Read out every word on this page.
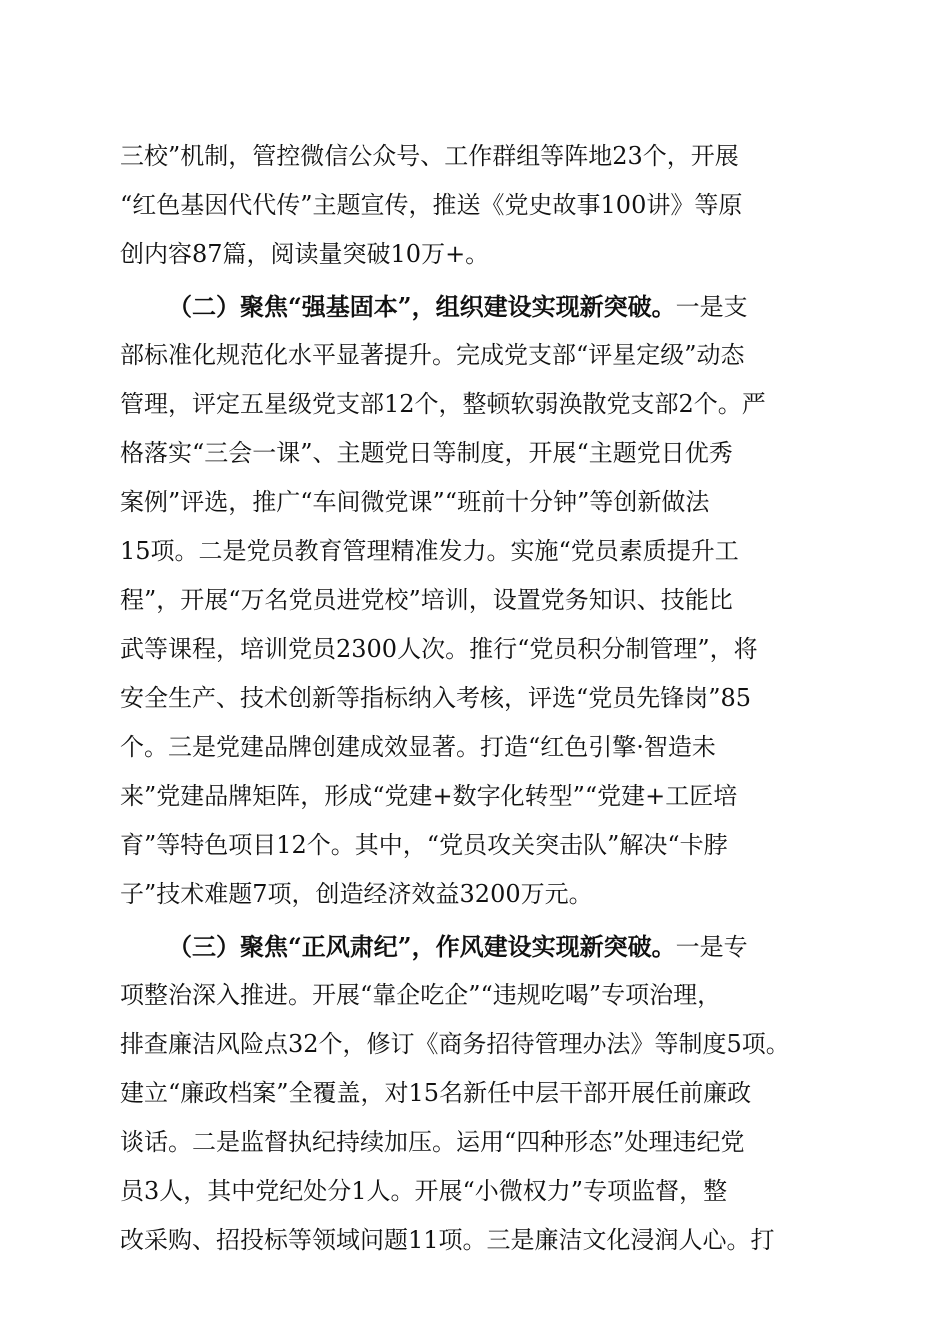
三校”机制，管控微信公众号、工作群组等阵地23个，开展
“红色基因代代传”主题宣传，推送《党史故事100讲》等原
创内容87篇，阅读量突破10万+。
（二）聚焦“强基固本”，组织建设实现新突破。一是支
部标准化规范化水平显著提升。完成党支部“评星定级”动态
管理，评定五星级党支部12个，整顿软弱涣散党支部2个。严
格落实“三会一课”、主题党日等制度，开展“主题党日优秀
案例”评选，推广“车间微党课”“班前十分钟”等创新做法
15项。二是党员教育管理精准发力。实施“党员素质提升工
程”，开展“万名党员进党校”培训，设置党务知识、技能比
武等课程，培训党员2300人次。推行“党员积分制管理”，将
安全生产、技术创新等指标纳入考核，评选“党员先锋岗”85
个。三是党建品牌创建成效显著。打造“红色引擎·智造未
来”党建品牌矩阵，形成“党建+数字化转型”“党建+工匠培
育”等特色项目12个。其中，“党员攻关突击队”解决“卡脖
子”技术难题7项，创造经济效益3200万元。
（三）聚焦“正风肃纪”，作风建设实现新突破。一是专
项整治深入推进。开展“靠企吃企”“违规吃喝”专项治理，
排查廉洁风险点32个，修订《商务招待管理办法》等制度5项。
建立“廉政档案”全覆盖，对15名新任中层干部开展任前廉政
谈话。二是监督执纪持续加压。运用“四种形态”处理违纪党
员3人，其中党纪处分1人。开展“小微权力”专项监督，整
改采购、招投标等领域问题11项。三是廉洁文化浸润人心。打
